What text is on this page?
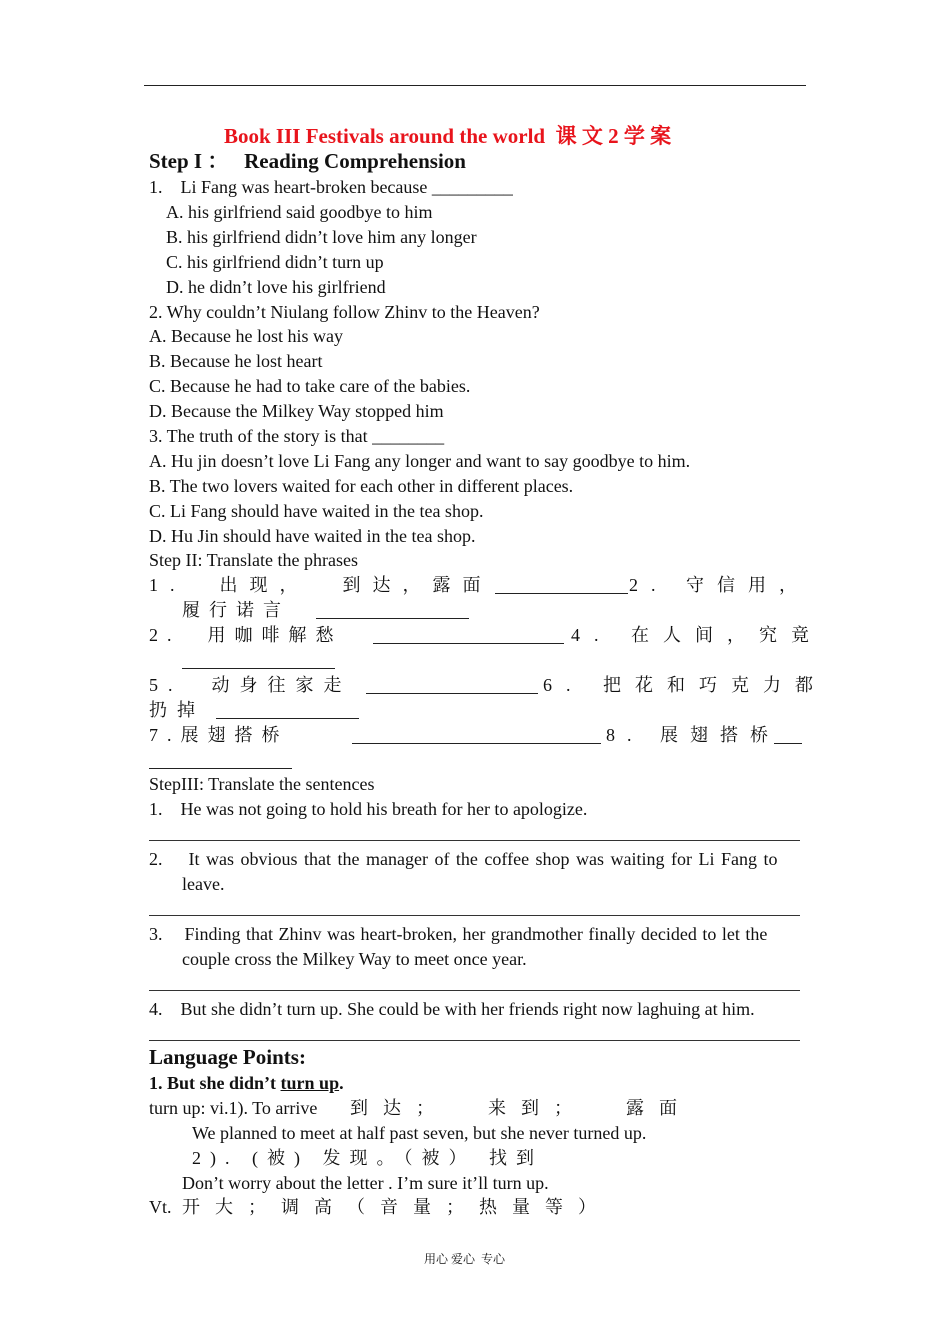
Book III Festivals around the world  课 文 2 学 案
Step I ：   Reading Comprehension
1.    Li Fang was heart-broken because _________
A. his girlfriend said goodbye to him
B. his girlfriend didn’t love him any longer
C. his girlfriend didn’t turn up
D. he didn’t love his girlfriend
2. Why couldn’t Niulang follow Zhinv to the Heaven?
A. Because he lost his way
B. Because he lost heart
C. Because he had to take care of the babies.
D. Because the Milkey Way stopped him
3. The truth of the story is that ________
A. Hu jin doesn’t love Li Fang any longer and want to say goodbye to him.
B. The two lovers waited for each other in different places.
C. Li Fang should have waited in the tea shop.
D. Hu Jin should have waited in the tea shop.
Step II: Translate the phrases
1.  出现，  到达，露面	2. 守信用，
履行诺言
2.  用咖啡解愁	4. 在人间，究竟
5.  动身往家走	6. 把花和巧克力都
扔掉
7.展翅搭桥	8. 展翅搭桥
StepIII: Translate the sentences
1.    He was not going to hold his breath for her to apologize.
2.    It was obvious that the manager of the coffee shop was waiting for Li Fang to
leave.
3.    Finding that Zhinv was heart-broken, her grandmother finally decided to let the
couple cross the Milkey Way to meet once year.
4.    But she didn’t turn up. She could be with her friends right now laghuing at him.
Language Points:
1. But she didn’t turn up.
turn up: vi.1). To arrive 到达；  来到；  露面
We planned to meet at half past seven, but she never turned up.
2). (被) 发现。（被） 找到
Don’t worry about the letter . I’m sure it’ll turn up.
Vt. 开大；调高（音量；热量等）
用心 爱心  专心
